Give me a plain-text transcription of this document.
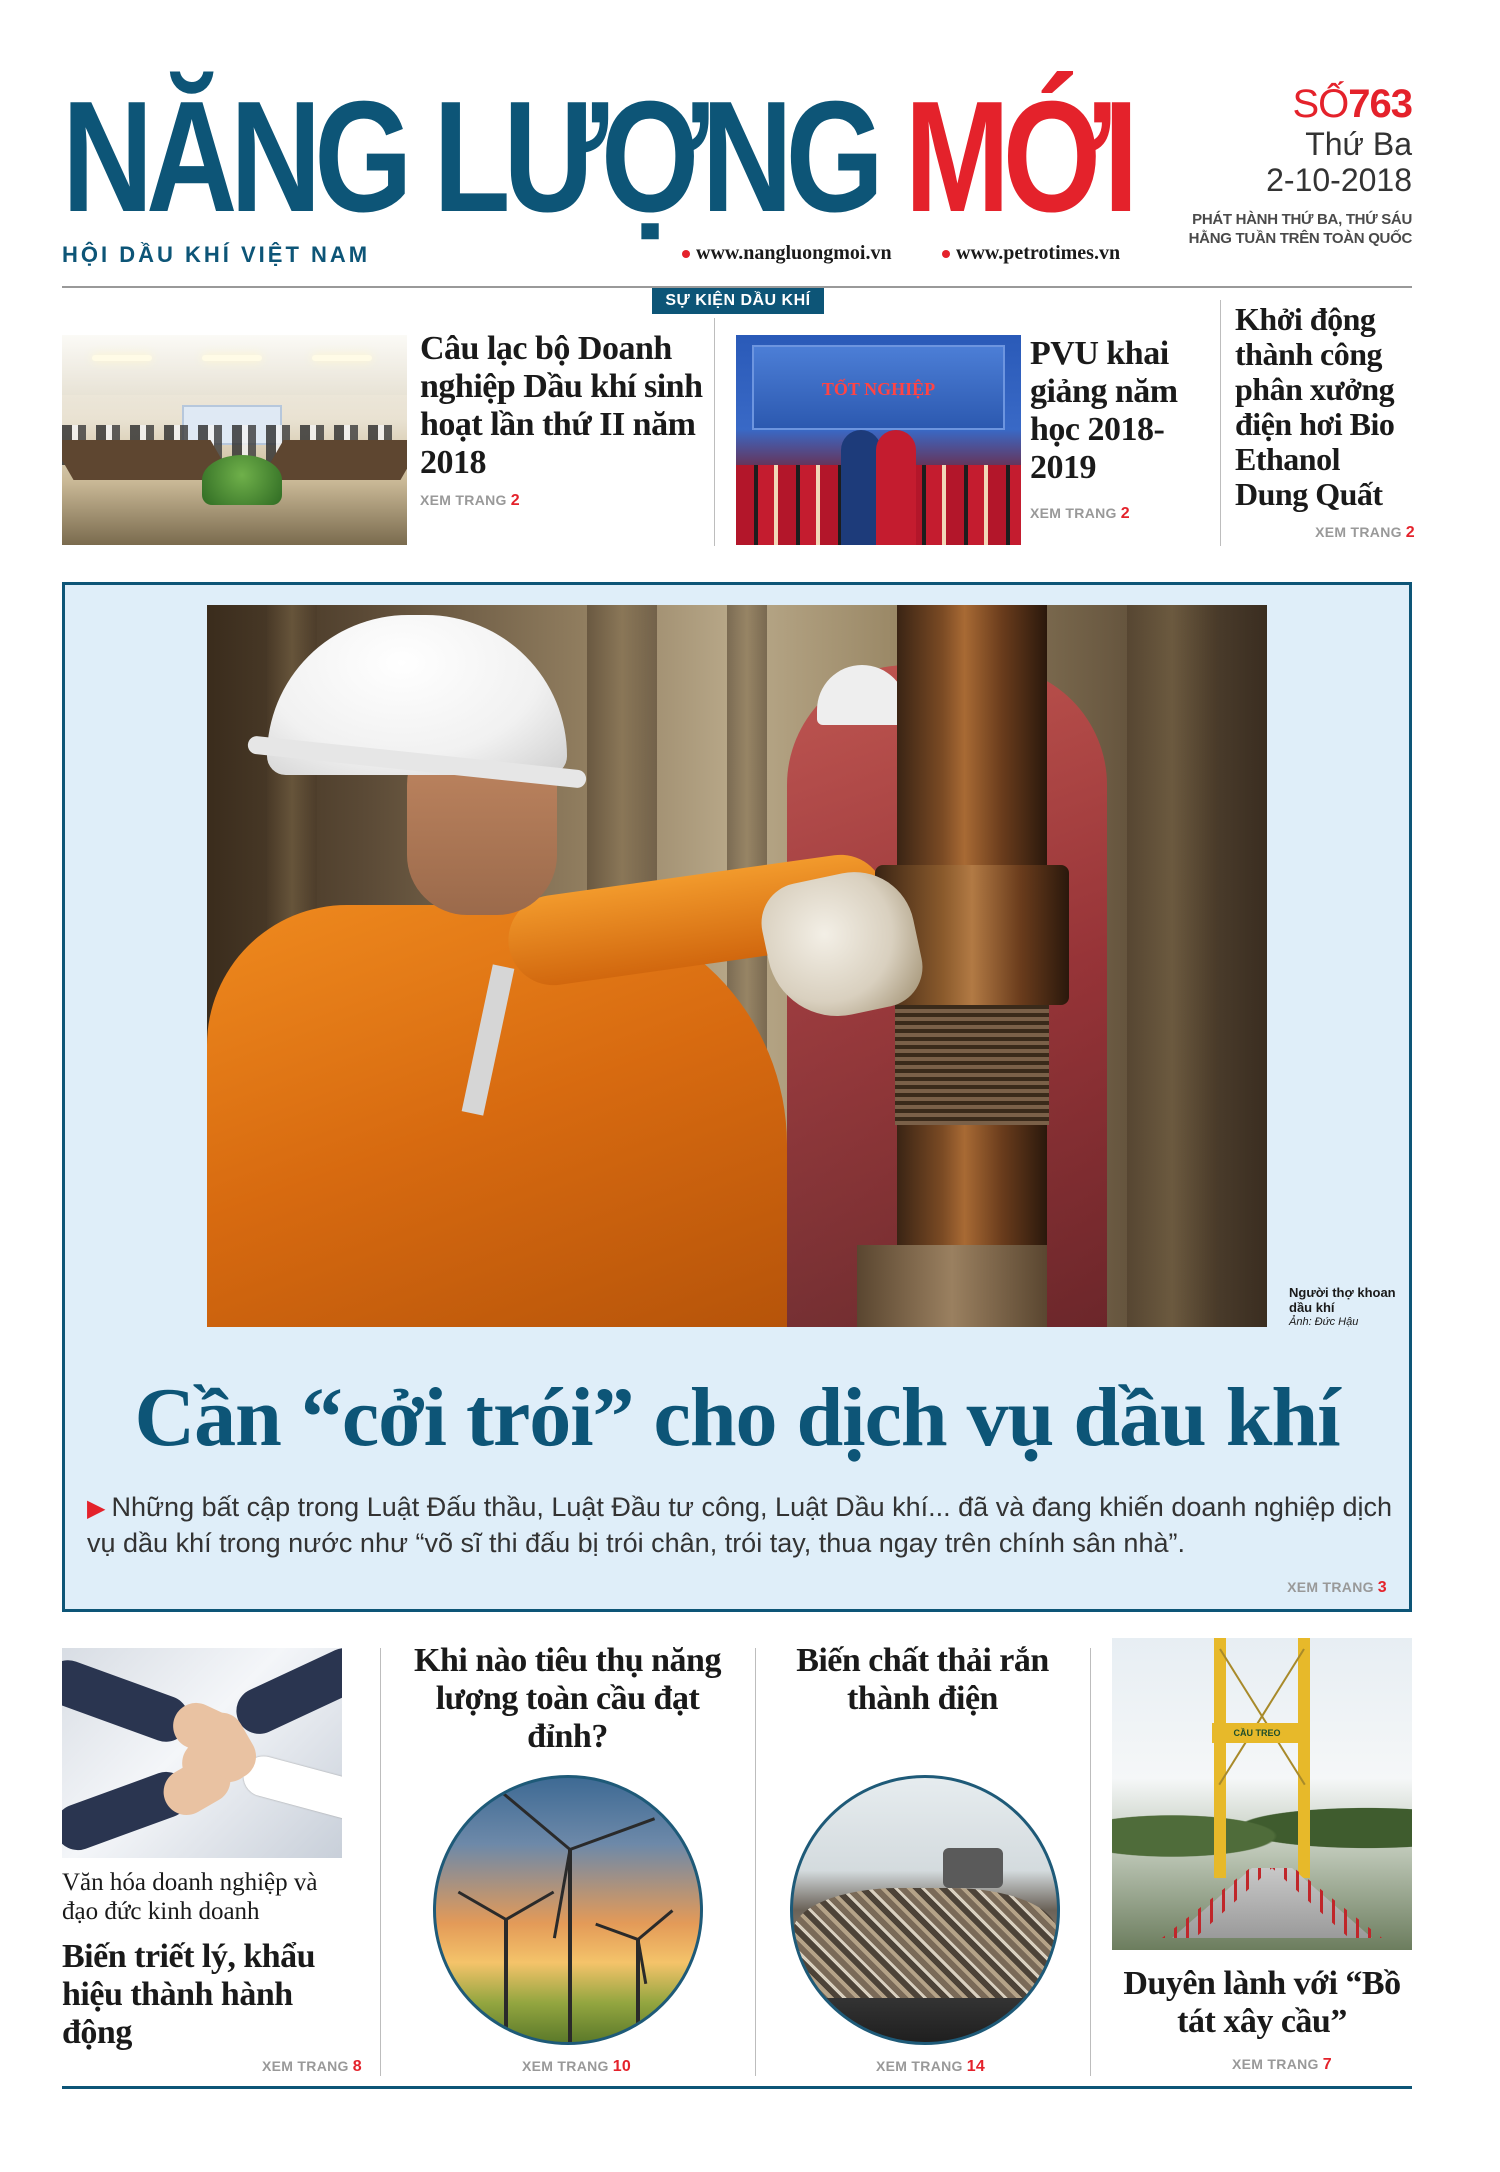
NĂNG LƯỢNG MỚI
HỘI DẦU KHÍ VIỆT NAM	www.nangluongmoi.vn	www.petrotimes.vn
SỐ763
Thứ Ba
2-10-2018
PHÁT HÀNH THỨ BA, THỨ SÁU
HẰNG TUẦN TRÊN TOÀN QUỐC
SỰ KIỆN DẦU KHÍ
Câu lạc bộ Doanh nghiệp Dầu khí sinh hoạt lần thứ II năm 2018
XEM TRANG 2
TỐT NGHIỆP
PVU khai giảng năm học 2018-2019
XEM TRANG 2
Khởi động thành công phân xưởng điện hơi Bio Ethanol Dung Quất
XEM TRANG 2
Người thợ khoan dầu khí
Ảnh: Đức Hậu
Cần “cởi trói” cho dịch vụ dầu khí
▶ Những bất cập trong Luật Đấu thầu, Luật Đầu tư công, Luật Dầu khí... đã và đang khiến doanh nghiệp dịch vụ dầu khí trong nước như “võ sĩ thi đấu bị trói chân, trói tay, thua ngay trên chính sân nhà”.
XEM TRANG 3
Văn hóa doanh nghiệp và đạo đức kinh doanh
Biến triết lý, khẩu hiệu thành hành động
XEM TRANG 8
Khi nào tiêu thụ năng lượng toàn cầu đạt đỉnh?
XEM TRANG 10
Biến chất thải rắn thành điện
XEM TRANG 14
CẦU TREO
Duyên lành với “Bồ tát xây cầu”
XEM TRANG 7
